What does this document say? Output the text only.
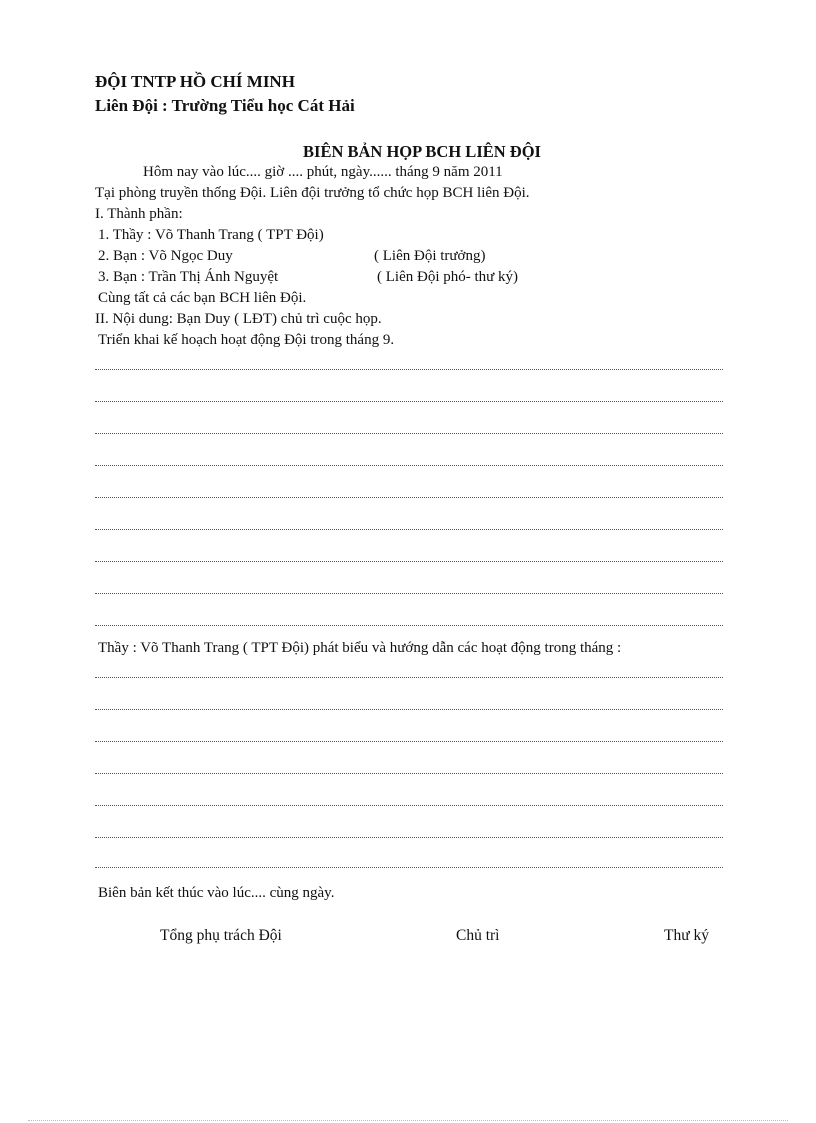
ĐỘI TNTP HỒ CHÍ MINH
Liên Đội : Trường Tiểu học Cát Hải
BIÊN BẢN HỌP BCH LIÊN ĐỘI
Hôm nay vào lúc.... giờ .... phút, ngày...... tháng 9 năm 2011
Tại phòng truyền thống Đội. Liên đội trưởng tổ chức họp BCH liên Đội.
I. Thành phần:
1. Thầy : Võ Thanh Trang ( TPT Đội)
2. Bạn : Võ Ngọc Duy	( Liên Đội trưởng)
3. Bạn : Trần Thị Ánh Nguyệt	( Liên Đội phó- thư ký)
Cùng tất cả các bạn BCH liên Đội.
II. Nội dung: Bạn Duy ( LĐT) chủ trì cuộc họp.
Triển khai kế hoạch hoạt động Đội trong tháng 9.
Thầy : Võ Thanh Trang ( TPT Đội) phát biểu và hướng dẫn các hoạt động trong tháng :
Biên bản kết thúc vào lúc.... cùng ngày.
Tổng phụ trách Đội	Chủ trì	Thư ký
